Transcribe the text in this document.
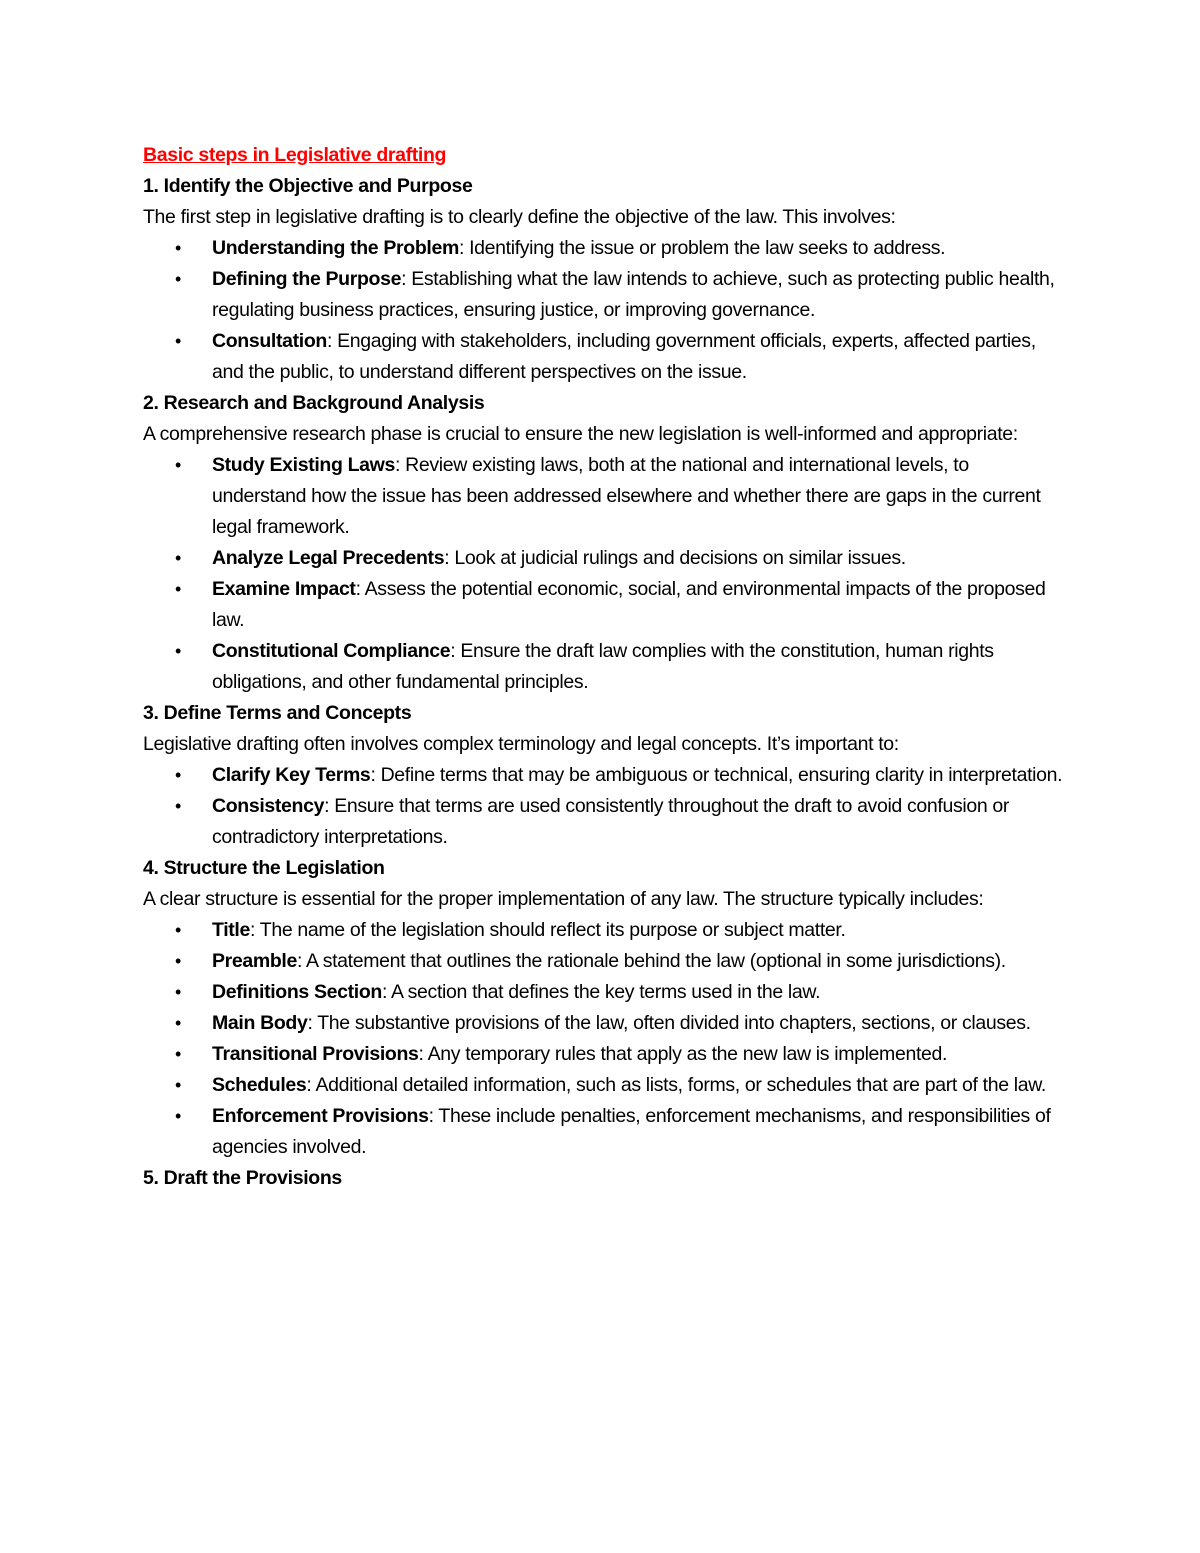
Basic steps in Legislative drafting

1. Identify the Objective and Purpose

The first step in legislative drafting is to clearly define the objective of the law. This involves:

• Understanding the Problem: Identifying the issue or problem the law seeks to address.
• Defining the Purpose: Establishing what the law intends to achieve, such as protecting public health, regulating business practices, ensuring justice, or improving governance.
• Consultation: Engaging with stakeholders, including government officials, experts, affected parties, and the public, to understand different perspectives on the issue.

2. Research and Background Analysis

A comprehensive research phase is crucial to ensure the new legislation is well-informed and appropriate:

• Study Existing Laws: Review existing laws, both at the national and international levels, to understand how the issue has been addressed elsewhere and whether there are gaps in the current legal framework.
• Analyze Legal Precedents: Look at judicial rulings and decisions on similar issues.
• Examine Impact: Assess the potential economic, social, and environmental impacts of the proposed law.
• Constitutional Compliance: Ensure the draft law complies with the constitution, human rights obligations, and other fundamental principles.

3. Define Terms and Concepts

Legislative drafting often involves complex terminology and legal concepts. It’s important to:

• Clarify Key Terms: Define terms that may be ambiguous or technical, ensuring clarity in interpretation.
• Consistency: Ensure that terms are used consistently throughout the draft to avoid confusion or contradictory interpretations.

4. Structure the Legislation

A clear structure is essential for the proper implementation of any law. The structure typically includes:

• Title: The name of the legislation should reflect its purpose or subject matter.
• Preamble: A statement that outlines the rationale behind the law (optional in some jurisdictions).
• Definitions Section: A section that defines the key terms used in the law.
• Main Body: The substantive provisions of the law, often divided into chapters, sections, or clauses.
• Transitional Provisions: Any temporary rules that apply as the new law is implemented.
• Schedules: Additional detailed information, such as lists, forms, or schedules that are part of the law.
• Enforcement Provisions: These include penalties, enforcement mechanisms, and responsibilities of agencies involved.

5. Draft the Provisions
